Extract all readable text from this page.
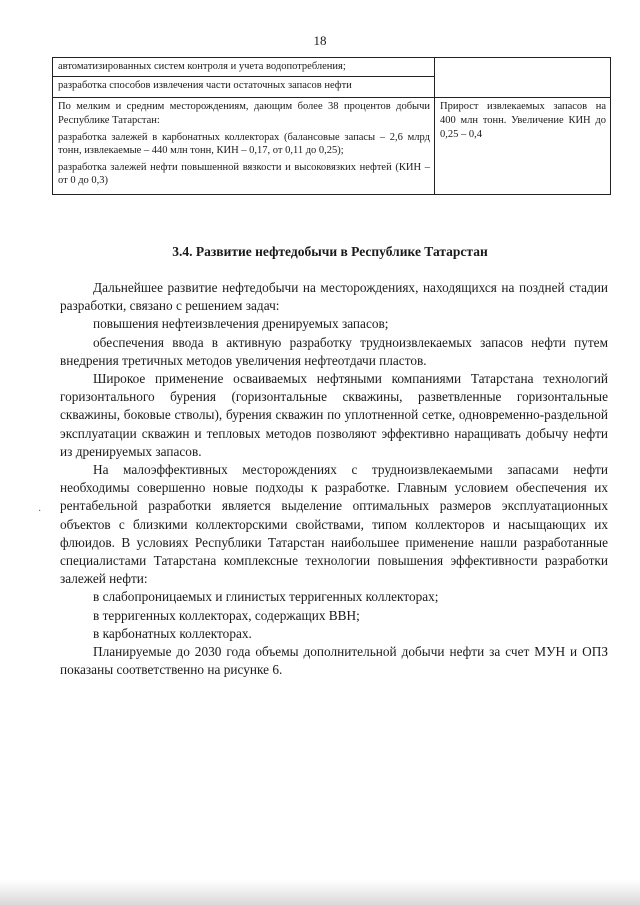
18
автоматизированных систем контроля и учета водопотребления;
разработка способов извлечения части остаточных запасов нефти	

По мелким и средним месторождениям, дающим более 38 процентов добычи Республике Татарстан:
разработка залежей в карбонатных коллекторах (балансовые запасы – 2,6 млрд тонн, извлекаемые – 440 млн тонн, КИН – 0,17, от 0,11 до 0,25);
разработка залежей нефти повышенной вязкости и высоковязких нефтей (КИН – от 0 до 0,3)	Прирост извлекаемых запасов на 400 млн тонн. Увеличение КИН до 0,25 – 0,4
3.4. Развитие нефтедобычи в Республике Татарстан

Дальнейшее развитие нефтедобычи на месторождениях, находящихся на поздней стадии разработки, связано с решением задач:

повышения нефтеизвлечения дренируемых запасов;

обеспечения ввода в активную разработку трудноизвлекаемых запасов нефти путем внедрения третичных методов увеличения нефтеотдачи пластов.

Широкое применение осваиваемых нефтяными компаниями Татарстана технологий горизонтального бурения (горизонтальные скважины, разветвленные горизонтальные скважины, боковые стволы), бурения скважин по уплотненной сетке, одновременно-раздельной эксплуатации скважин и тепловых методов позволяют эффективно наращивать добычу нефти из дренируемых запасов.

На малоэффективных месторождениях с трудноизвлекаемыми запасами нефти необходимы совершенно новые подходы к разработке. Главным условием обеспечения их рентабельной разработки является выделение оптимальных размеров эксплуатационных объектов с близкими коллекторскими свойствами, типом коллекторов и насыщающих их флюидов. В условиях Республики Татарстан наибольшее применение нашли разработанные специалистами Татарстана комплексные технологии повышения эффективности разработки залежей нефти:

в слабопроницаемых и глинистых терригенных коллекторах;

в терригенных коллекторах, содержащих ВВН;

в карбонатных коллекторах.

Планируемые до 2030 года объемы дополнительной добычи нефти за счет МУН и ОПЗ показаны соответственно на рисунке 6.

·
